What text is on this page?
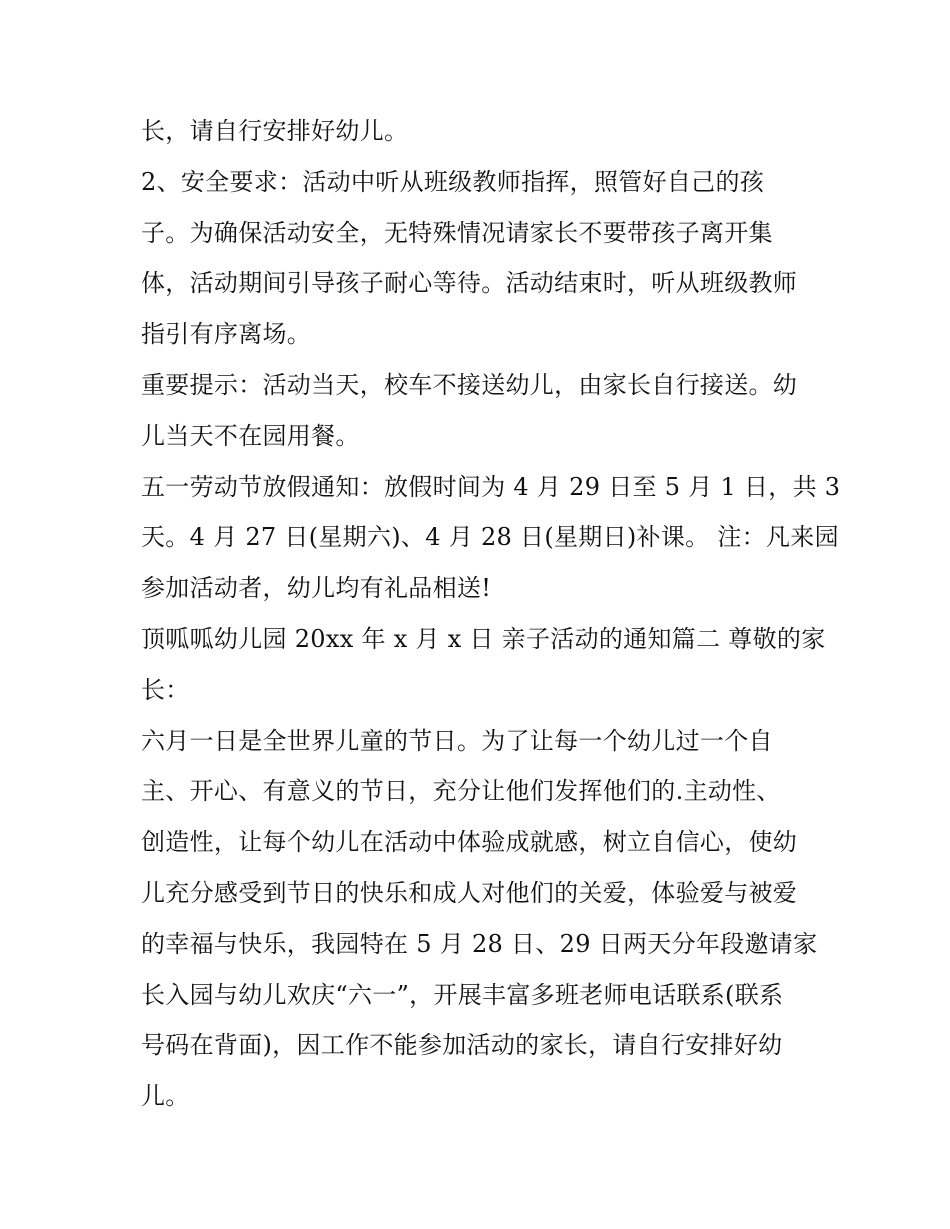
长，请自行安排好幼儿。
2、安全要求：活动中听从班级教师指挥，照管好自己的孩
子。为确保活动安全，无特殊情况请家长不要带孩子离开集
体，活动期间引导孩子耐心等待。活动结束时，听从班级教师
指引有序离场。
重要提示：活动当天，校车不接送幼儿，由家长自行接送。幼
儿当天不在园用餐。
五一劳动节放假通知：放假时间为 4 月 29 日至 5 月 1 日，共 3
天。4 月 27 日(星期六)、4 月 28 日(星期日)补课。 注：凡来园
参加活动者，幼儿均有礼品相送!
顶呱呱幼儿园 20xx 年 x 月 x 日 亲子活动的通知篇二 尊敬的家
长：
六月一日是全世界儿童的节日。为了让每一个幼儿过一个自
主、开心、有意义的节日，充分让他们发挥他们的.主动性、
创造性，让每个幼儿在活动中体验成就感，树立自信心，使幼
儿充分感受到节日的快乐和成人对他们的关爱，体验爱与被爱
的幸福与快乐，我园特在 5 月 28 日、29 日两天分年段邀请家
长入园与幼儿欢庆“六一”，开展丰富多班老师电话联系(联系
号码在背面)，因工作不能参加活动的家长，请自行安排好幼
儿。
